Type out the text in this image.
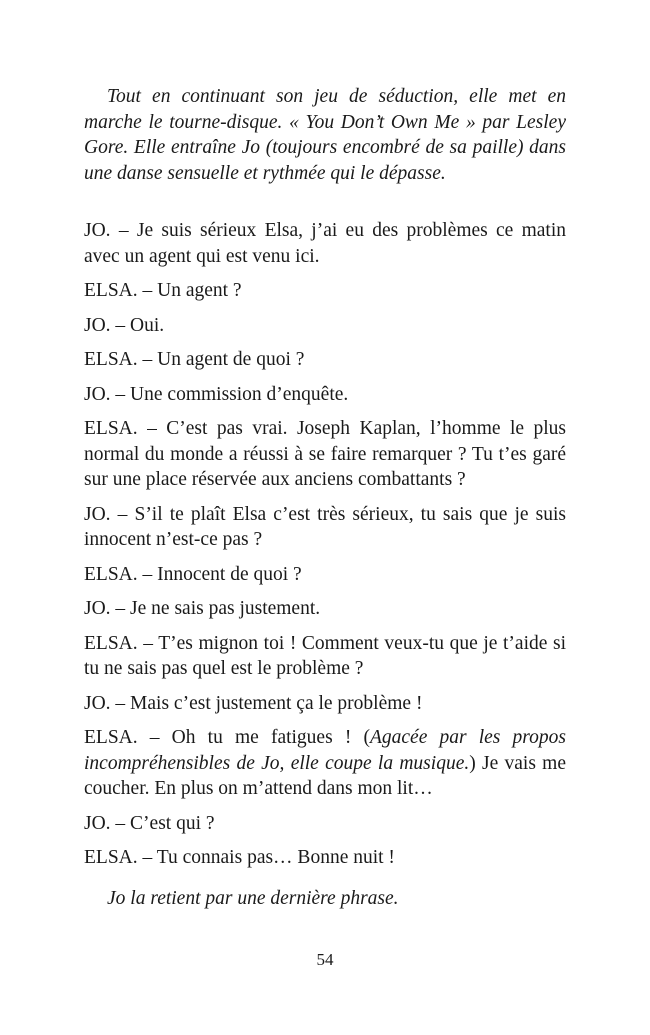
Tout en continuant son jeu de séduction, elle met en marche le tourne-disque. « You Don’t Own Me » par Lesley Gore. Elle entraîne Jo (toujours encombré de sa paille) dans une danse sensuelle et rythmée qui le dépasse.

JO. – Je suis sérieux Elsa, j’ai eu des problèmes ce matin avec un agent qui est venu ici.

ELSA. – Un agent ?

JO. – Oui.

ELSA. – Un agent de quoi ?

JO. – Une commission d’enquête.

ELSA. – C’est pas vrai. Joseph Kaplan, l’homme le plus normal du monde a réussi à se faire remarquer ? Tu t’es garé sur une place réservée aux anciens combattants ?

JO. – S’il te plaît Elsa c’est très sérieux, tu sais que je suis innocent n’est-ce pas ?

ELSA. – Innocent de quoi ?

JO. – Je ne sais pas justement.

ELSA. – T’es mignon toi ! Comment veux-tu que je t’aide si tu ne sais pas quel est le problème ?

JO. – Mais c’est justement ça le problème !

ELSA. – Oh tu me fatigues ! (Agacée par les propos incompréhensibles de Jo, elle coupe la musique.) Je vais me coucher. En plus on m’attend dans mon lit…

JO. – C’est qui ?

ELSA. – Tu connais pas… Bonne nuit !

Jo la retient par une dernière phrase.

54
